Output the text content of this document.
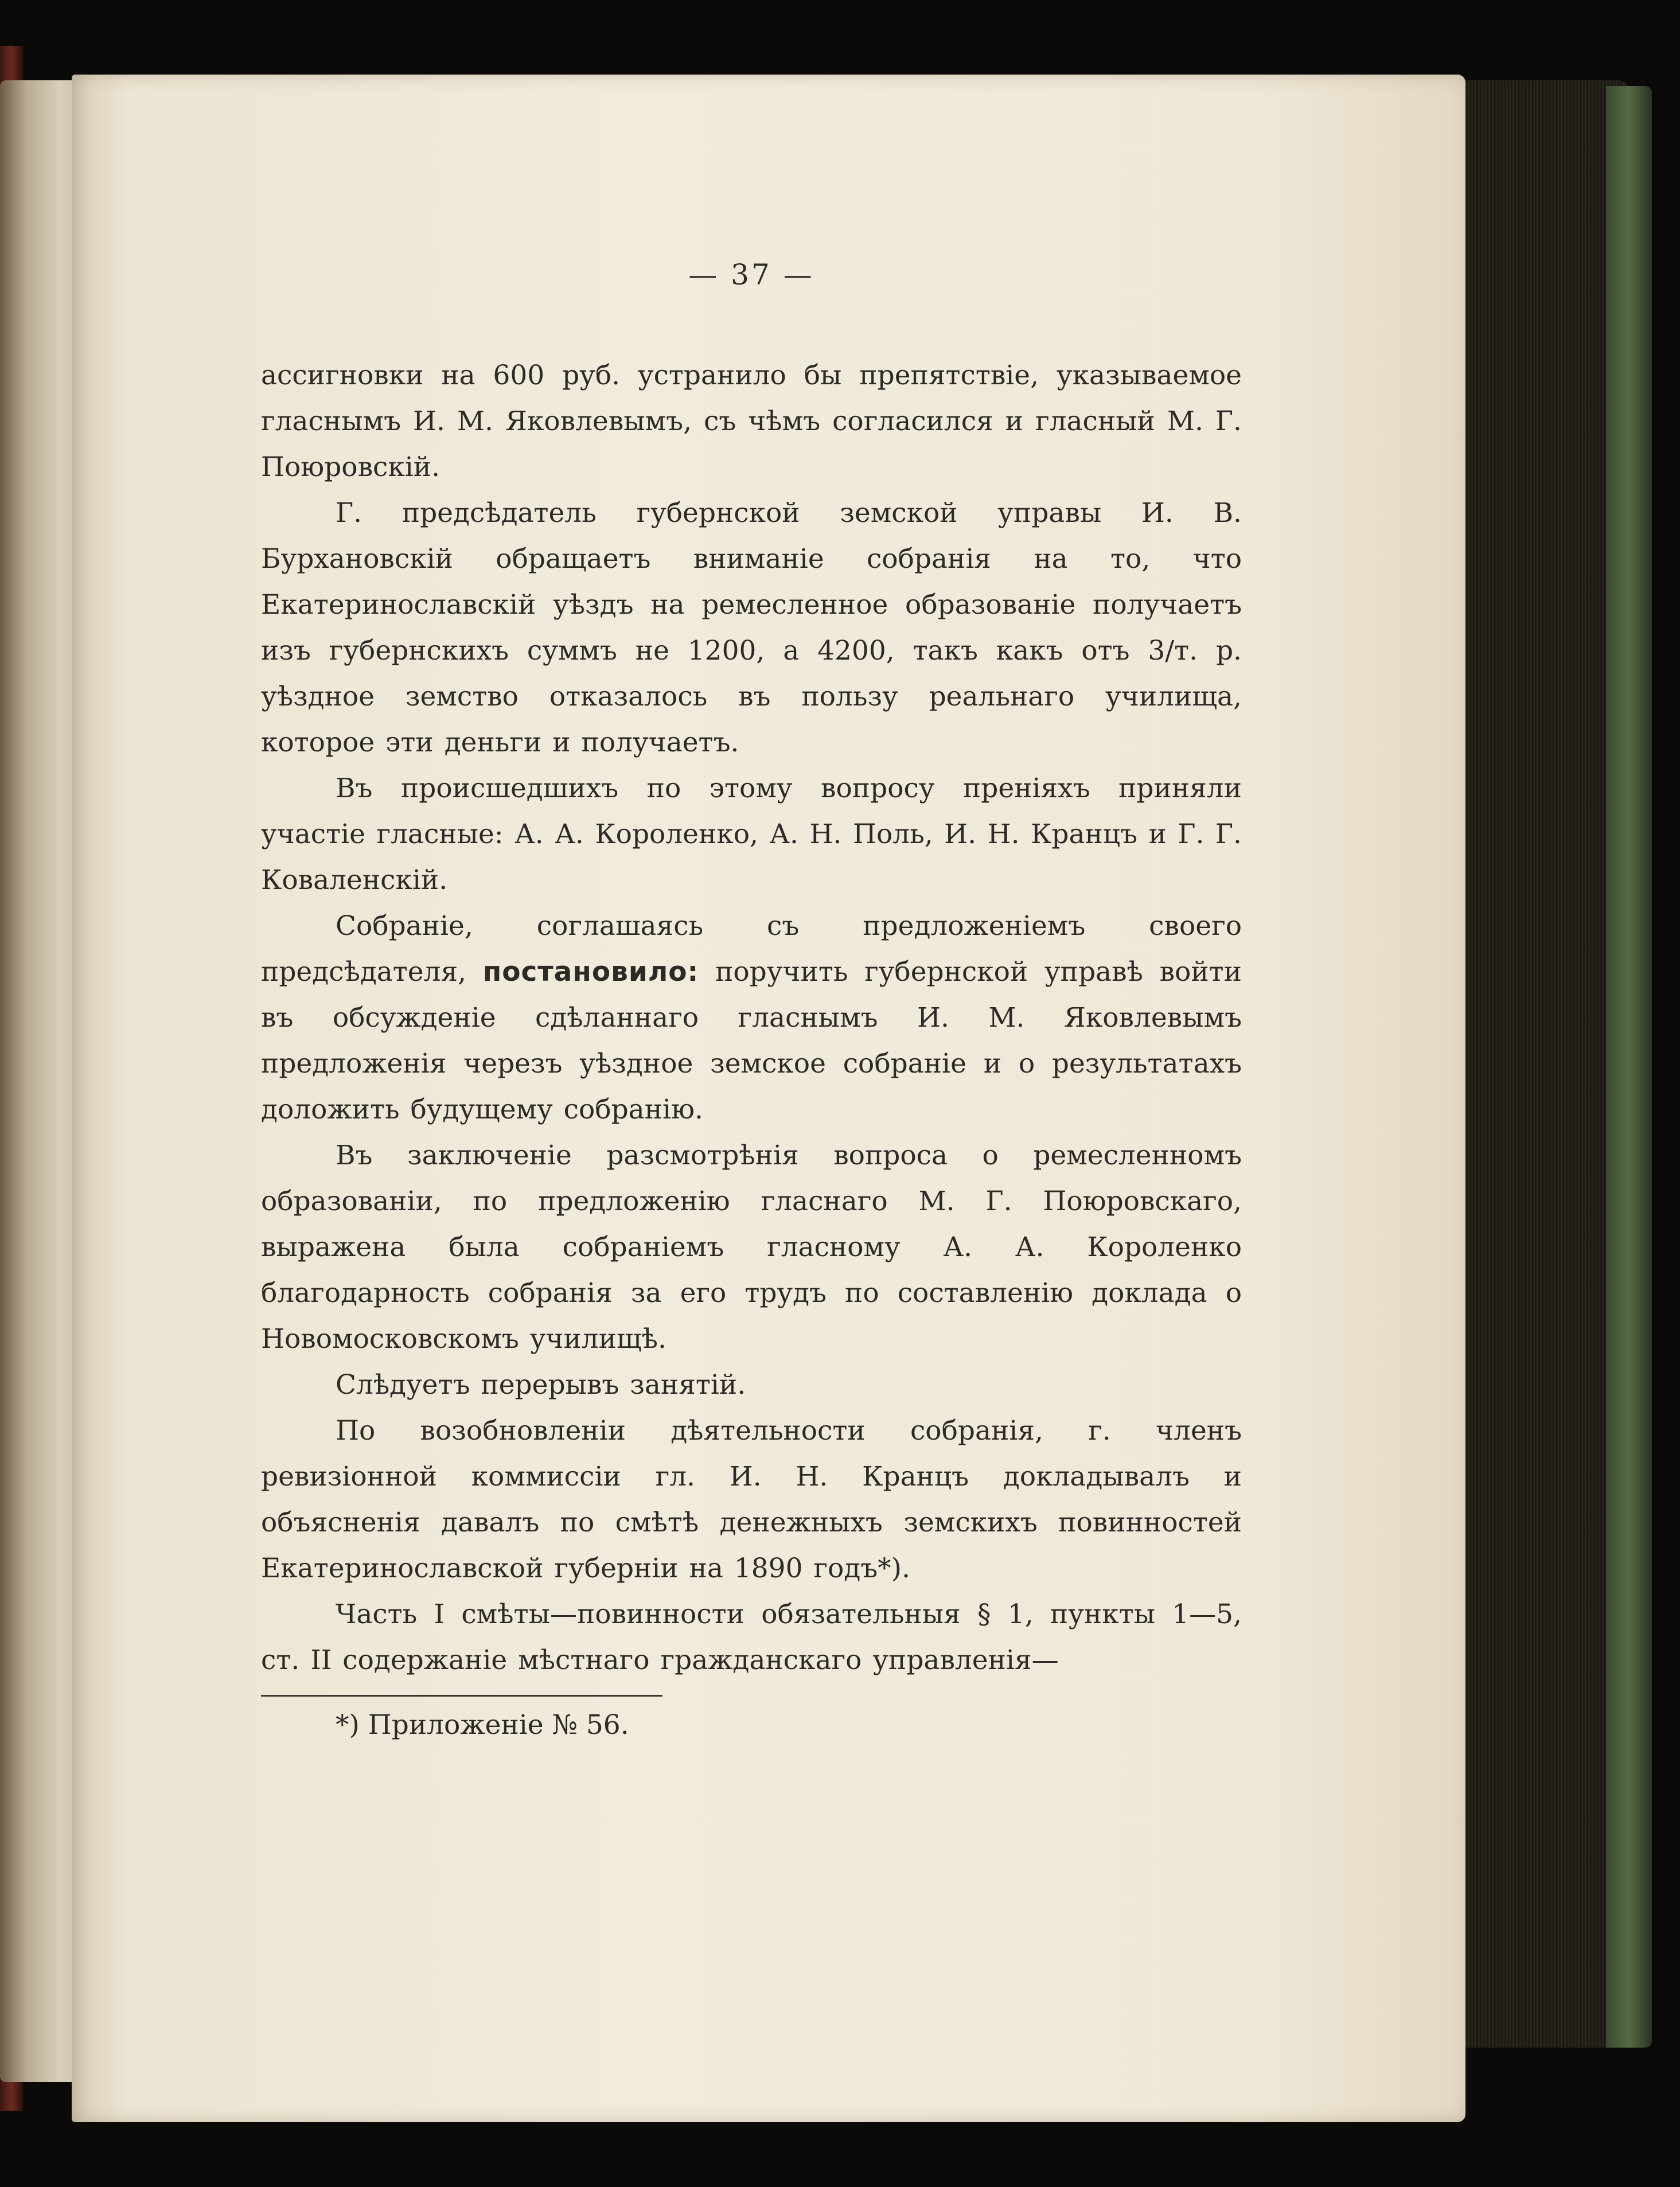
— 37 —

ассигновки на 600 руб. устранило бы препятствіе, указываемое гласнымъ И. М. Яковлевымъ, съ чѣмъ согласился и гласный М. Г. Поюровскій.

Г. предсѣдатель губернской земской управы И. В. Бурхановскій обращаетъ вниманіе собранія на то, что Екатеринославскій уѣздъ на ремесленное образованіе получаетъ изъ губернскихъ суммъ не 1200, а 4200, такъ какъ отъ 3/т. р. уѣздное земство отказалось въ пользу реальнаго училища, которое эти деньги и получаетъ.

Въ происшедшихъ по этому вопросу преніяхъ приняли участіе гласные: А. А. Короленко, А. Н. Поль, И. Н. Кранцъ и Г. Г. Коваленскій.

Собраніе, соглашаясь съ предложеніемъ своего предсѣдателя, постановило: поручить губернской управѣ войти въ обсужденіе сдѣланнаго гласнымъ И. М. Яковлевымъ предложенія черезъ уѣздное земское собраніе и о результатахъ доложить будущему собранію.

Въ заключеніе разсмотрѣнія вопроса о ремесленномъ образованіи, по предложенію гласнаго М. Г. Поюровскаго, выражена была собраніемъ гласному А. А. Короленко благодарность собранія за его трудъ по составленію доклада о Новомосковскомъ училищѣ.

Слѣдуетъ перерывъ занятій.

По возобновленіи дѣятельности собранія, г. членъ ревизіонной коммиссіи гл. И. Н. Кранцъ докладывалъ и объясненія давалъ по смѣтѣ денежныхъ земскихъ повинностей Екатеринославской губерніи на 1890 годъ*).

Часть I смѣты—повинности обязательныя § 1, пункты 1—5, ст. II содержаніе мѣстнаго гражданскаго управленія—

*) Приложеніе № 56.
